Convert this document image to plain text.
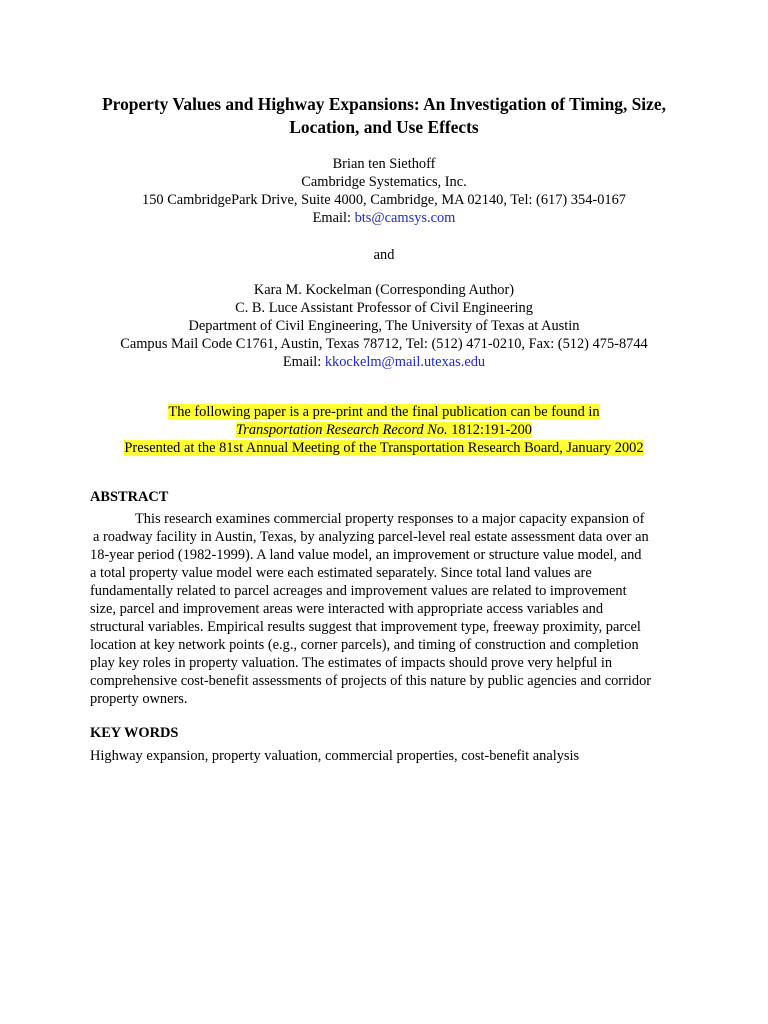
Property Values and Highway Expansions: An Investigation of Timing, Size,
Location, and Use Effects
Brian ten Siethoff
Cambridge Systematics, Inc.
150 CambridgePark Drive, Suite 4000, Cambridge, MA 02140, Tel: (617) 354-0167
Email: bts@camsys.com
and
Kara M. Kockelman (Corresponding Author)
C. B. Luce Assistant Professor of Civil Engineering
Department of Civil Engineering, The University of Texas at Austin
Campus Mail Code C1761, Austin, Texas 78712, Tel: (512) 471-0210, Fax: (512) 475-8744
Email: kkockelm@mail.utexas.edu
The following paper is a pre-print and the final publication can be found in
Transportation Research Record No. 1812:191-200
Presented at the 81st Annual Meeting of the Transportation Research Board, January 2002
ABSTRACT
This research examines commercial property responses to a major capacity expansion of
a roadway facility in Austin, Texas, by analyzing parcel-level real estate assessment data over an
18-year period (1982-1999). A land value model, an improvement or structure value model, and
a total property value model were each estimated separately. Since total land values are
fundamentally related to parcel acreages and improvement values are related to improvement
size, parcel and improvement areas were interacted with appropriate access variables and
structural variables. Empirical results suggest that improvement type, freeway proximity, parcel
location at key network points (e.g., corner parcels), and timing of construction and completion
play key roles in property valuation. The estimates of impacts should prove very helpful in
comprehensive cost-benefit assessments of projects of this nature by public agencies and corridor
property owners.
KEY WORDS
Highway expansion, property valuation, commercial properties, cost-benefit analysis
